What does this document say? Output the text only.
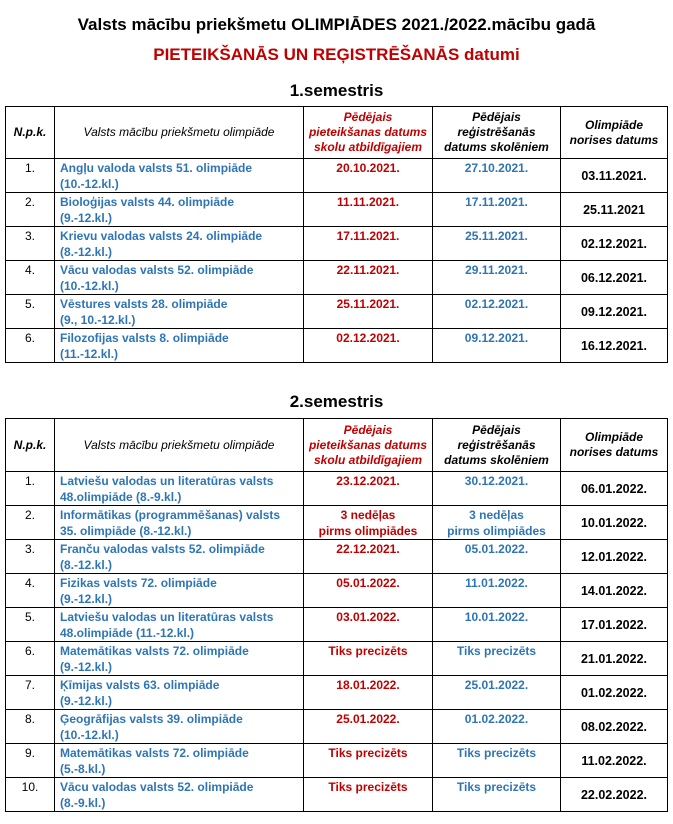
Valsts mācību priekšmetu OLIMPIĀDES 2021./2022.mācību gadā
PIETEIKŠANĀS UN REĢISTRĒŠANĀS datumi
1.semestris
N.p.k.	Valsts mācību priekšmetu olimpiāde	Pēdējais
pieteikšanas datums
skolu atbildīgajiem	Pēdējais
reģistrēšanās
datums skolēniem	Olimpiāde
norises datums
1.	Angļu valoda valsts 51. olimpiāde
(10.-12.kl.)	20.10.2021.	27.10.2021.	03.11.2021.
2.	Bioloģijas valsts 44. olimpiāde
(9.-12.kl.)	11.11.2021.	17.11.2021.	25.11.2021
3.	Krievu valodas valsts 24. olimpiāde
(8.-12.kl.)	17.11.2021.	25.11.2021.	02.12.2021.
4.	Vācu valodas valsts 52. olimpiāde
(10.-12.kl.)	22.11.2021.	29.11.2021.	06.12.2021.
5.	Vēstures valsts 28. olimpiāde
(9., 10.-12.kl.)	25.11.2021.	02.12.2021.	09.12.2021.
6.	Filozofijas valsts 8. olimpiāde
(11.-12.kl.)	02.12.2021.	09.12.2021.	16.12.2021.
2.semestris
N.p.k.	Valsts mācību priekšmetu olimpiāde	Pēdējais
pieteikšanas datums
skolu atbildīgajiem	Pēdējais
reģistrēšanās
datums skolēniem	Olimpiāde
norises datums
1.	Latviešu valodas un literatūras valsts
48.olimpiāde (8.-9.kl.)	23.12.2021.	30.12.2021.	06.01.2022.
2.	Informātikas (programmēšanas) valsts
35. olimpiāde (8.-12.kl.)	3 nedēļas
pirms olimpiādes	3 nedēļas
pirms olimpiādes	10.01.2022.
3.	Franču valodas valsts 52. olimpiāde
(8.-12.kl.)	22.12.2021.	05.01.2022.	12.01.2022.
4.	Fizikas valsts 72. olimpiāde
(9.-12.kl.)	05.01.2022.	11.01.2022.	14.01.2022.
5.	Latviešu valodas un literatūras valsts
48.olimpiāde (11.-12.kl.)	03.01.2022.	10.01.2022.	17.01.2022.
6.	Matemātikas valsts 72. olimpiāde
(9.-12.kl.)	Tiks precizēts	Tiks precizēts	21.01.2022.
7.	Ķīmijas valsts 63. olimpiāde
(9.-12.kl.)	18.01.2022.	25.01.2022.	01.02.2022.
8.	Ģeogrāfijas valsts 39. olimpiāde
(10.-12.kl.)	25.01.2022.	01.02.2022.	08.02.2022.
9.	Matemātikas valsts 72. olimpiāde
(5.-8.kl.)	Tiks precizēts	Tiks precizēts	11.02.2022.
10.	Vācu valodas valsts 52. olimpiāde
(8.-9.kl.)	Tiks precizēts	Tiks precizēts	22.02.2022.
